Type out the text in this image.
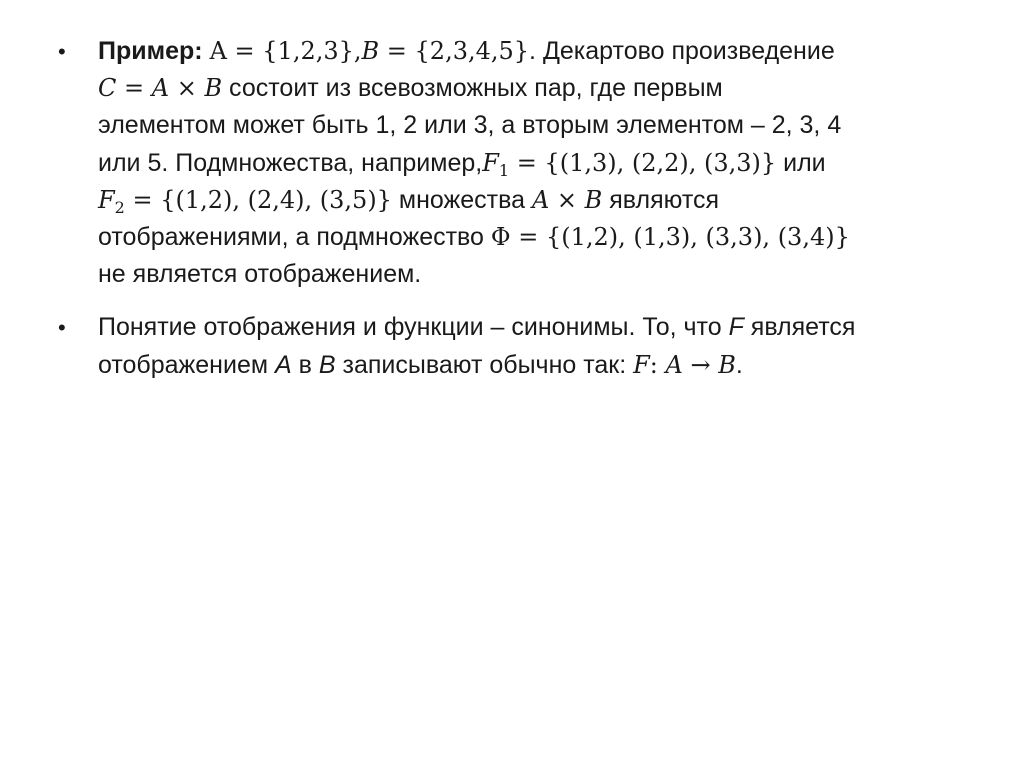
•	Пример: A = {1,2,3},B = {2,3,4,5}. Декартово произведение
C = A × B состоит из всевозможных пар, где первым
элементом может быть 1, 2 или 3, а вторым элементом – 2, 3, 4
или 5. Подмножества, $например,F_1 = \{(1,3)$, (2,2), (3,3)} или
$F_2 = \{(1,2)$, (2,4), (3,5)} множества A × B являются
отображениями, а подмножество Φ = {(1,2), (1,3), (3,3), (3,4)}
не является отображением.
•	Понятие отображения и функции – синонимы. То, что F является
отображением A в B записывают обычно так: F: A → B.
